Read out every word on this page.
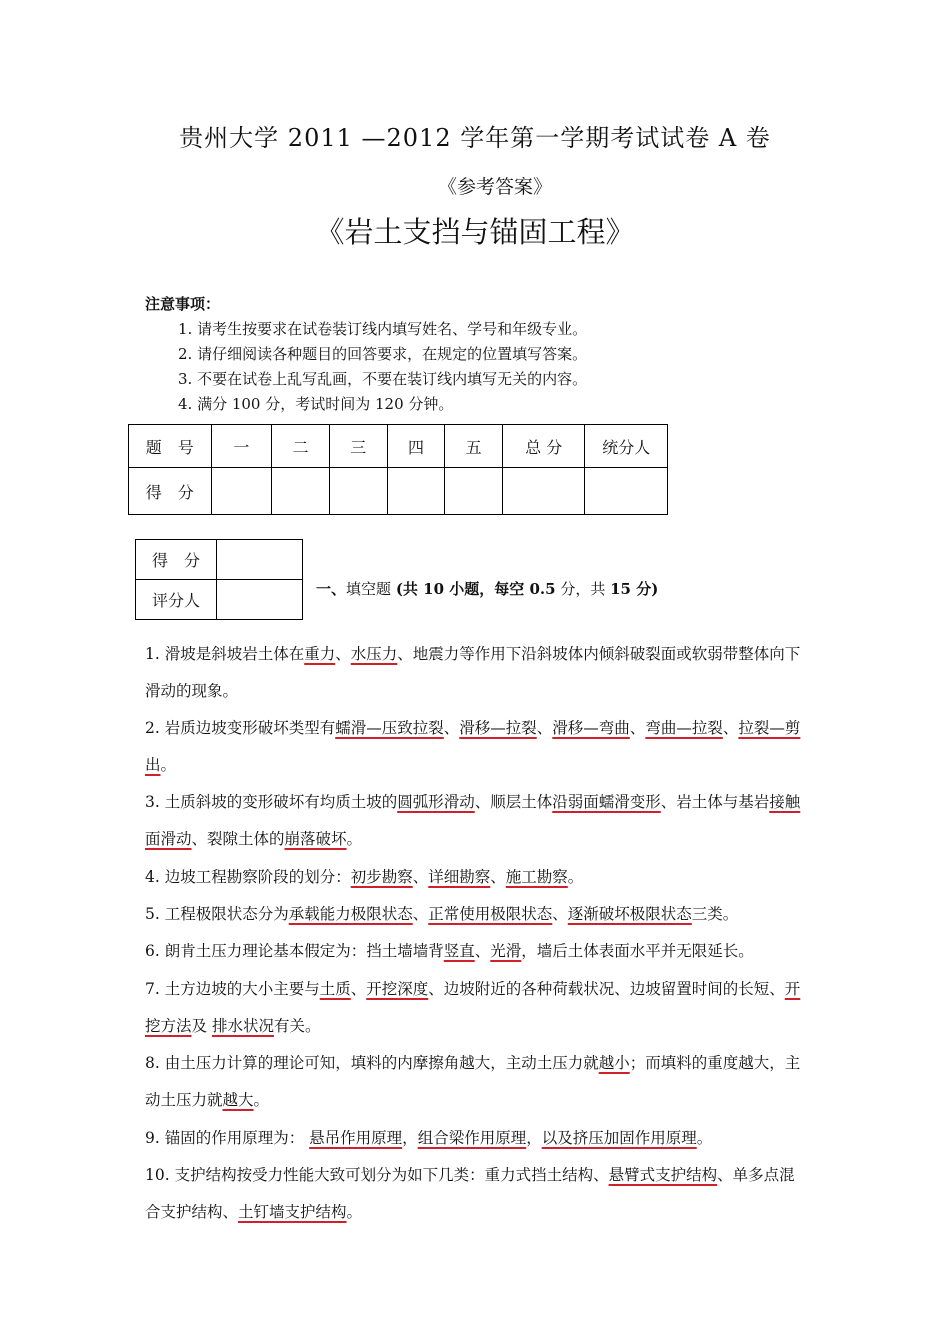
贵州大学 2011 —2012 学年第一学期考试试卷 A 卷
《参考答案》
《岩土支挡与锚固工程》
注意事项：
1. 请考生按要求在试卷装订线内填写姓名、学号和年级专业。
2. 请仔细阅读各种题目的回答要求，在规定的位置填写答案。
3. 不要在试卷上乱写乱画，不要在装订线内填写无关的内容。
4. 满分 100 分，考试时间为 120 分钟。
题　号	一	二	三	四	五	总 分	统分人
得　分							
得　分	
评分人	
一、填空题 (共 10 小题，每空 0.5 分，共 15 分)
1. 滑坡是斜坡岩土体在重力、水压力、地震力等作用下沿斜坡体内倾斜破裂面或软弱带整体向下滑动的现象。
2. 岩质边坡变形破坏类型有蠕滑—压致拉裂、滑移—拉裂、滑移—弯曲、弯曲—拉裂、拉裂—剪出。
3. 土质斜坡的变形破坏有均质土坡的圆弧形滑动、顺层土体沿弱面蠕滑变形、岩土体与基岩接触面滑动、裂隙土体的崩落破坏。
4. 边坡工程勘察阶段的划分：初步勘察、详细勘察、施工勘察。
5. 工程极限状态分为承载能力极限状态、正常使用极限状态、逐渐破坏极限状态三类。
6. 朗肯土压力理论基本假定为：挡土墙墙背竖直、光滑，墙后土体表面水平并无限延长。
7. 土方边坡的大小主要与土质、开挖深度、边坡附近的各种荷载状况、边坡留置时间的长短、开挖方法及 排水状况有关。
8. 由土压力计算的理论可知，填料的内摩擦角越大，主动土压力就越小；而填料的重度越大，主动土压力就越大。
9. 锚固的作用原理为： 悬吊作用原理，组合梁作用原理，以及挤压加固作用原理。
10. 支护结构按受力性能大致可划分为如下几类：重力式挡土结构、悬臂式支护结构、单多点混合支护结构、土钉墙支护结构。
